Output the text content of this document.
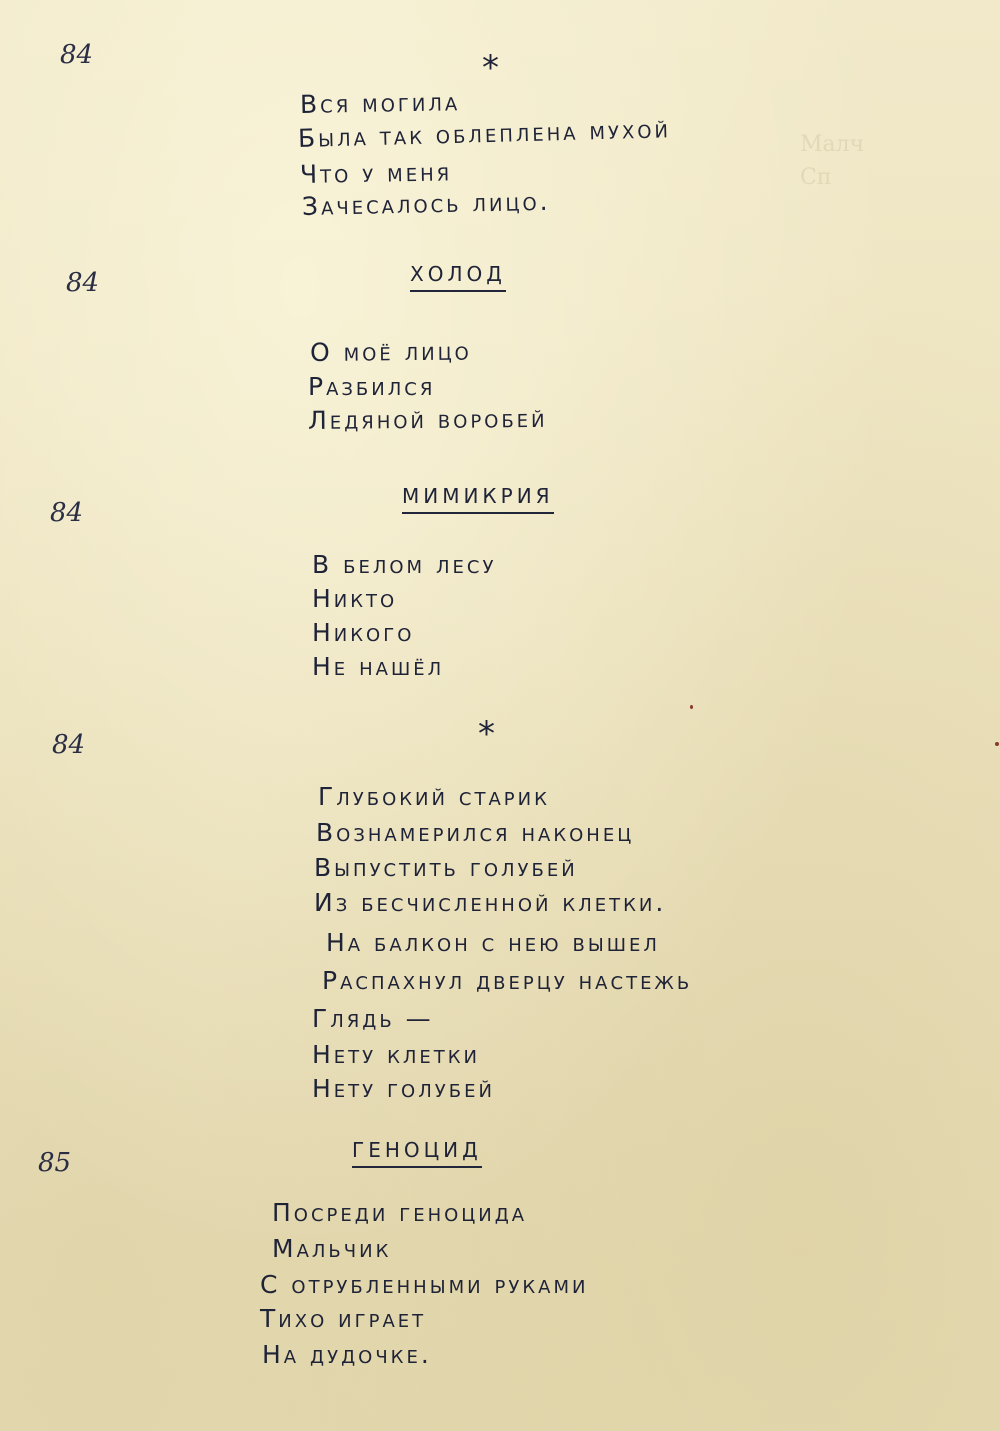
Малч
Сп

84	*
Вся могила
Была так облеплена мухой
Что у меня
Зачесалось лицо.
84	ХОЛОД
О моё лицо
Разбился
Ледяной воробей
84
МИМИКРИЯ
В белом лесу
Никто
Никого
Не нашёл
84	*
Глубокий старик
Вознамерился наконец
Выпустить голубей
Из бесчисленной клетки.
На балкон с нею вышел
Распахнул дверцу настежь
Глядь —
Нету клетки
Нету голубей
85	ГЕНОЦИД
Посреди геноцида
Мальчик
С отрубленными руками
Тихо играет
На дудочке.
